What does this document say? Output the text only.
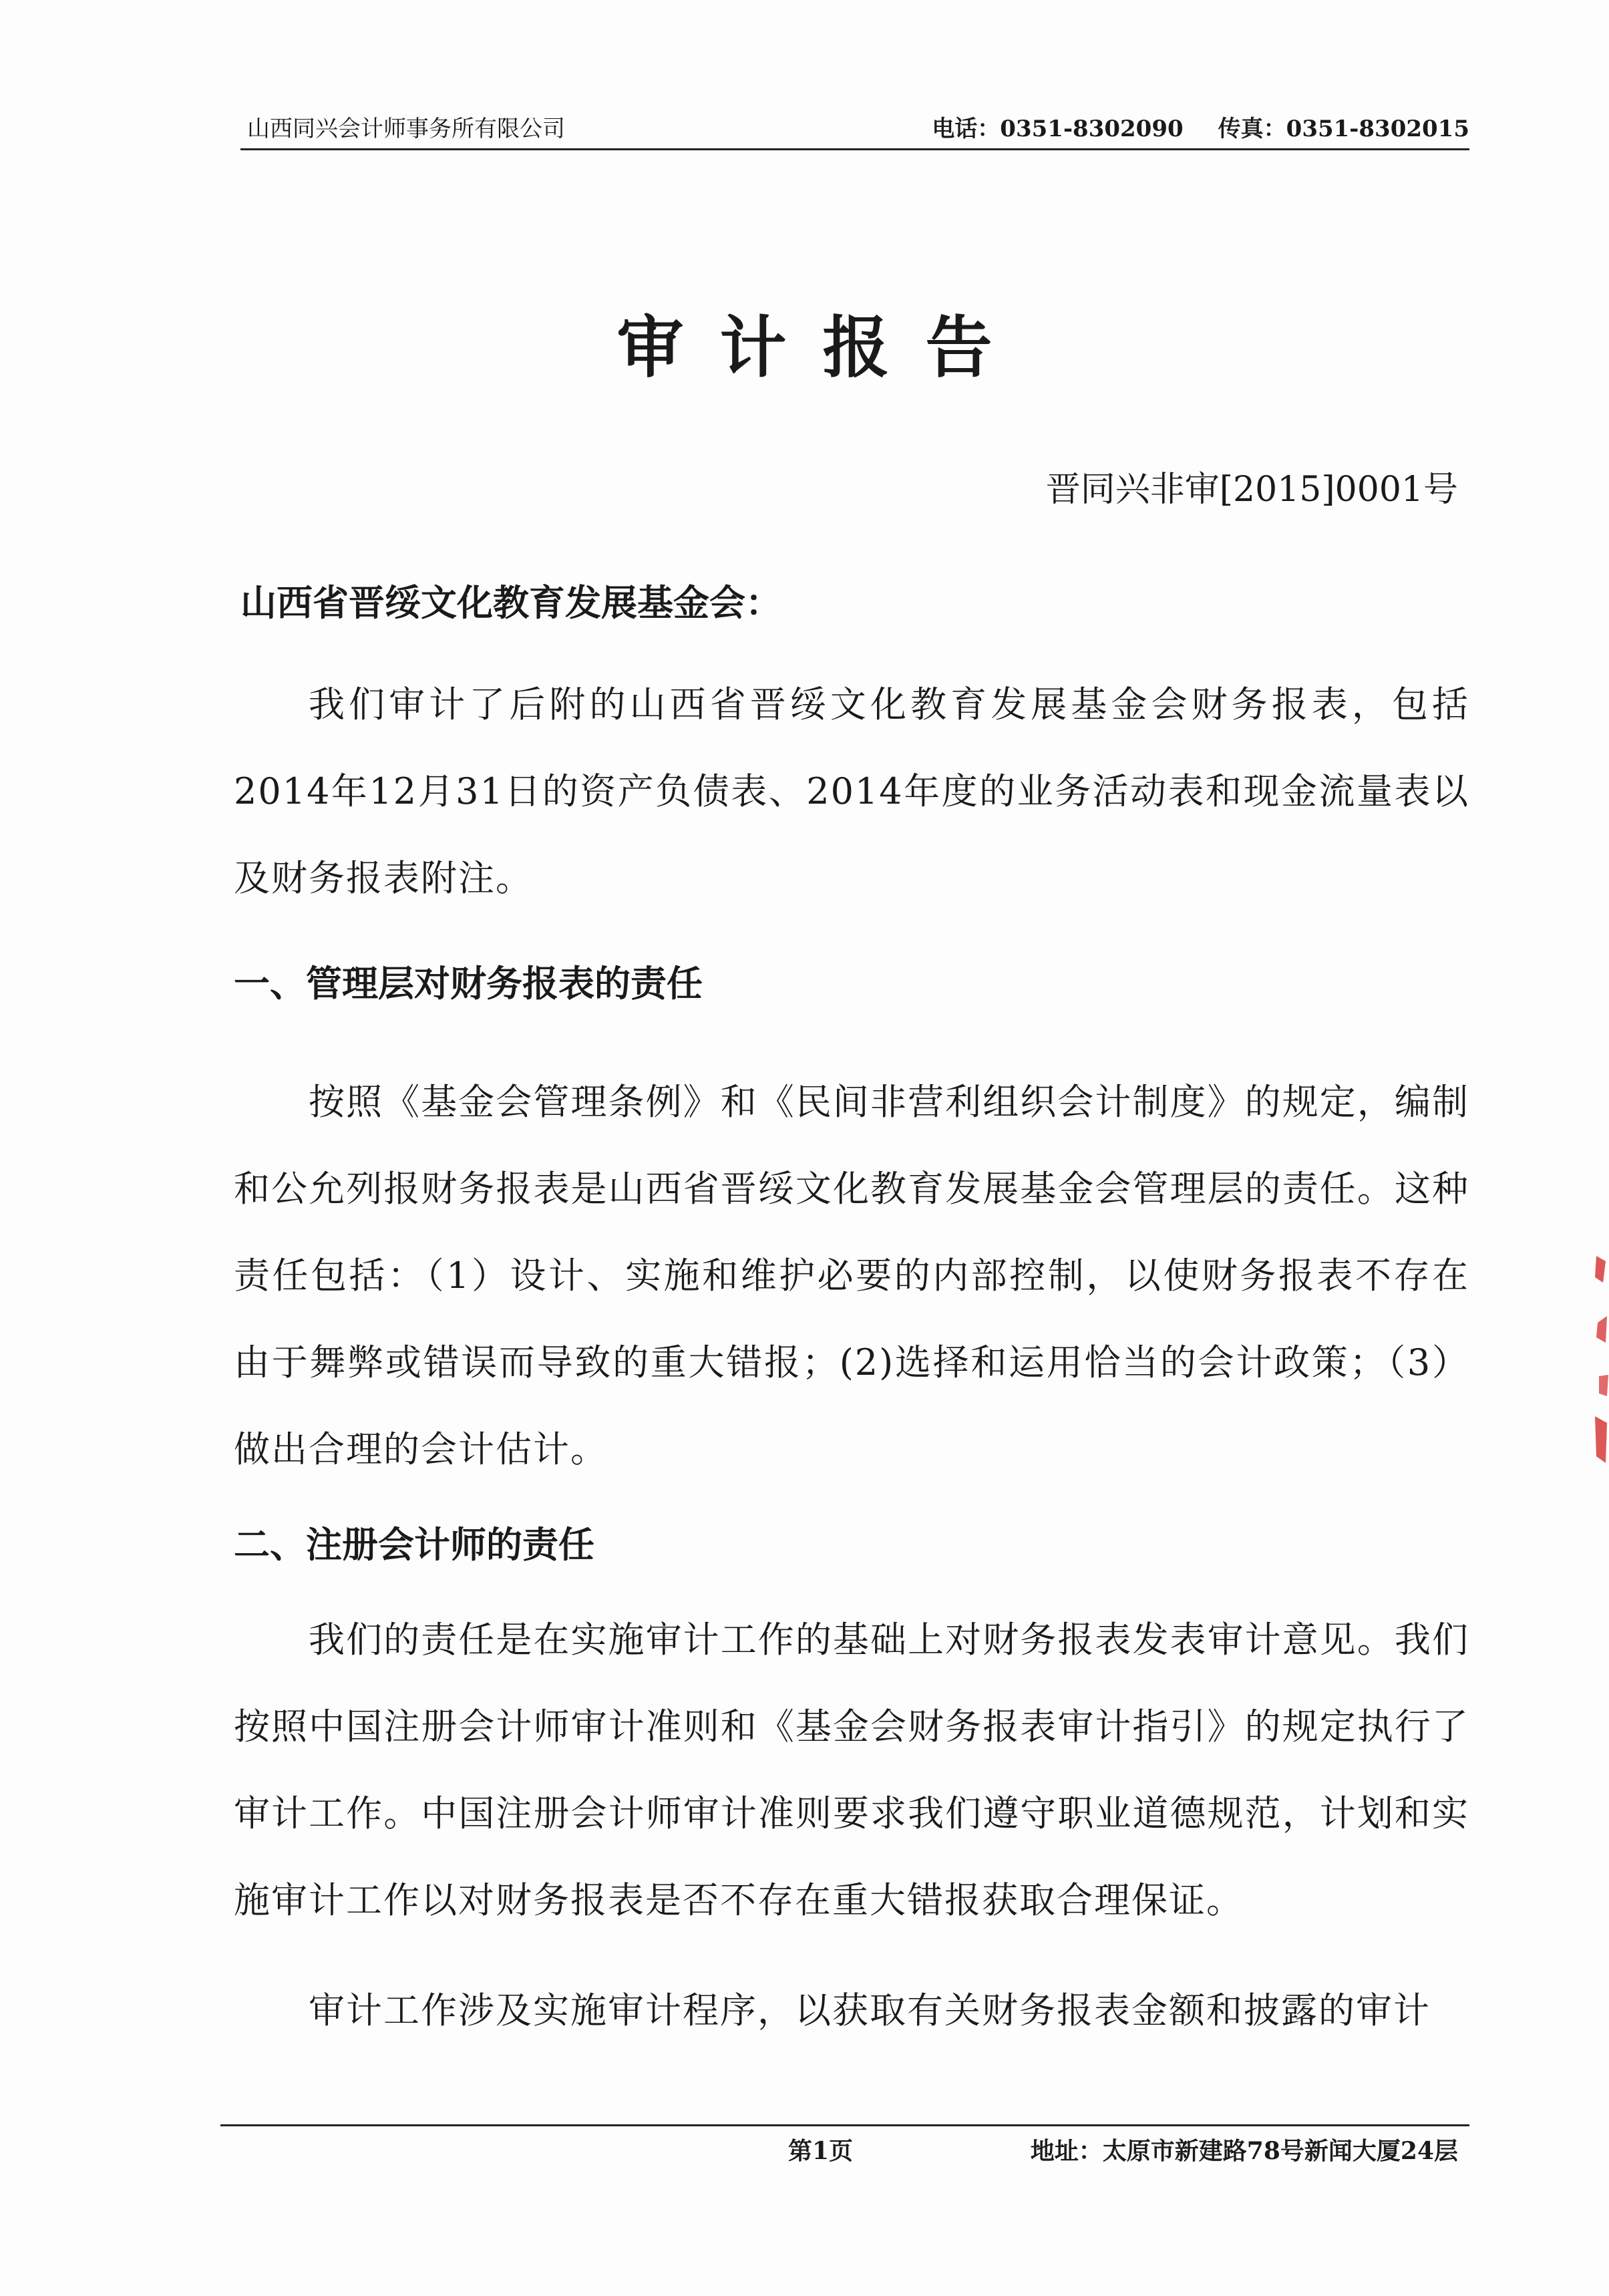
山西同兴会计师事务所有限公司	电话：0351-8302090 传真：0351-8302015
审计报告
晋同兴非审[2015]0001号
山西省晋绥文化教育发展基金会：
我们审计了后附的山西省晋绥文化教育发展基金会财务报表，包括2014年12月31日的资产负债表、2014年度的业务活动表和现金流量表以及财务报表附注。
一、管理层对财务报表的责任
按照《基金会管理条例》和《民间非营利组织会计制度》的规定，编制和公允列报财务报表是山西省晋绥文化教育发展基金会管理层的责任。这种责任包括：（1）设计、实施和维护必要的内部控制，以使财务报表不存在由于舞弊或错误而导致的重大错报；(2)选择和运用恰当的会计政策；（3）做出合理的会计估计。
二、注册会计师的责任
我们的责任是在实施审计工作的基础上对财务报表发表审计意见。我们按照中国注册会计师审计准则和《基金会财务报表审计指引》的规定执行了审计工作。中国注册会计师审计准则要求我们遵守职业道德规范，计划和实施审计工作以对财务报表是否不存在重大错报获取合理保证。
审计工作涉及实施审计程序，以获取有关财务报表金额和披露的审计
第1页	地址：太原市新建路78号新闻大厦24层
